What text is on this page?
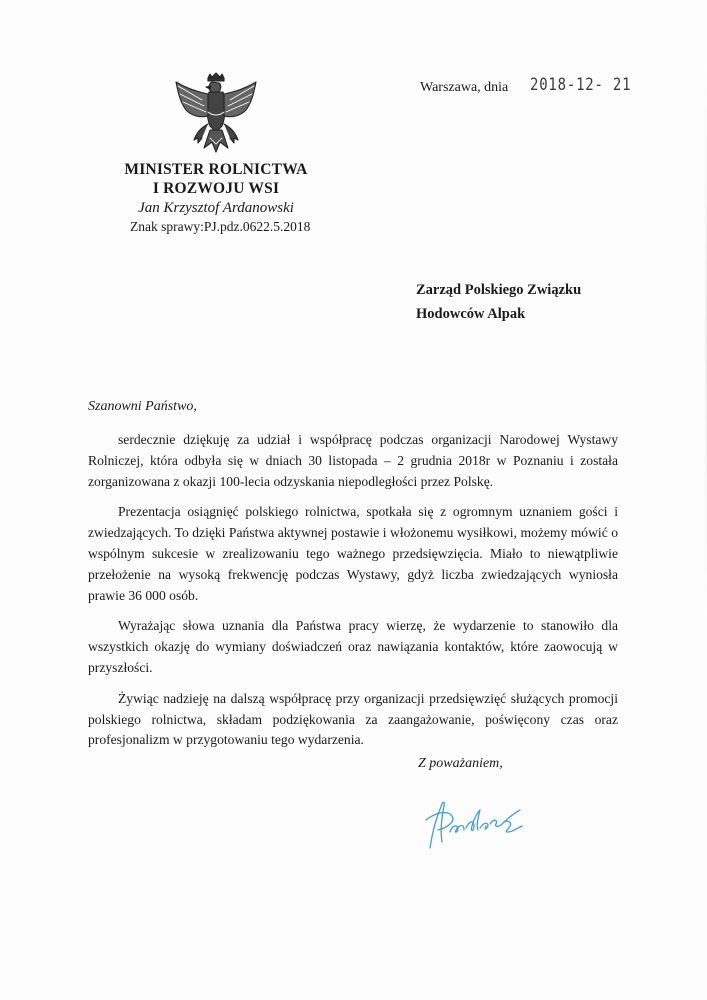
MINISTER ROLNICTWA
I ROZWOJU WSI
Jan Krzysztof Ardanowski
Znak sprawy:PJ.pdz.0622.5.2018
Warszawa, dnia 2018-12- 21
Zarząd Polskiego Związku
Hodowców Alpak
Szanowni Państwo,

serdecznie dziękuję za udział i współpracę podczas organizacji Narodowej Wystawy Rolniczej, która odbyła się w dniach 30 listopada – 2 grudnia 2018r w Poznaniu i została zorganizowana z okazji 100-lecia odzyskania niepodległości przez Polskę.

Prezentacja osiągnięć polskiego rolnictwa, spotkała się z ogromnym uznaniem gości i zwiedzających. To dzięki Państwa aktywnej postawie i włożonemu wysiłkowi, możemy mówić o wspólnym sukcesie w zrealizowaniu tego ważnego przedsięwzięcia. Miało to niewątpliwie przełożenie na wysoką frekwencję podczas Wystawy, gdyż liczba zwiedzających wyniosła prawie 36 000 osób.

Wyrażając słowa uznania dla Państwa pracy wierzę, że wydarzenie to stanowiło dla wszystkich okazję do wymiany doświadczeń oraz nawiązania kontaktów, które zaowocują w przyszłości.

Żywiąc nadzieję na dalszą współpracę przy organizacji przedsięwzięć służących promocji polskiego rolnictwa, składam podziękowania za zaangażowanie, poświęcony czas oraz profesjonalizm w przygotowaniu tego wydarzenia.

Z poważaniem,
